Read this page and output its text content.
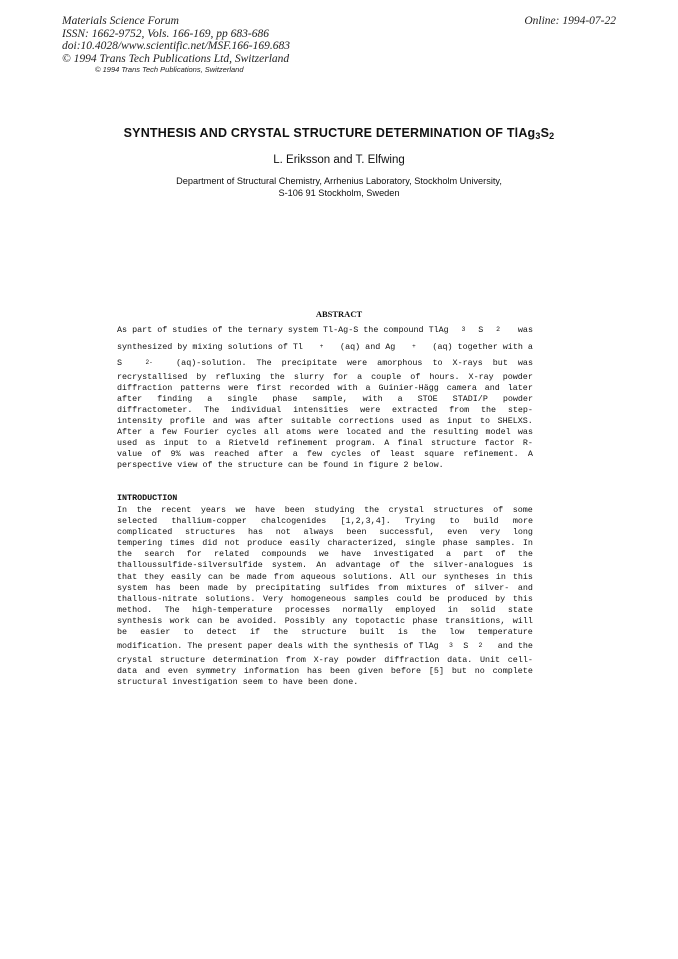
Materials Science Forum
ISSN: 1662-9752, Vols. 166-169, pp 683-686
doi:10.4028/www.scientific.net/MSF.166-169.683
© 1994 Trans Tech Publications Ltd, Switzerland
Online: 1994-07-22
© 1994 Trans Tech Publications, Switzerland
SYNTHESIS AND CRYSTAL STRUCTURE DETERMINATION OF $TlAg_3S_2$
L. Eriksson and T. Elfwing
Department of Structural Chemistry, Arrhenius Laboratory, Stockholm University,
S-106 91 Stockholm, Sweden
ABSTRACT
As part of studies of the ternary system Tl-Ag-S the compound TlAg 3 S 2 was
synthesized by mixing solutions of Tl	+ (aq) and Ag	+ (aq) together with a
S	2-	(aq)-solution.  The  precipitate  were  amorphous  to  X-rays  but  was
recrystallised by refluxing the slurry for a couple of hours. X-ray powder
diffraction patterns were first recorded with a Guinier-Hägg camera and later
after finding a single phase sample, with a STOE STADI/P powder
diffractometer. The individual intensities were extracted from the step-
intensity profile and was after suitable corrections used as input to SHELXS.
After a few Fourier cycles all atoms were located and the resulting model was
used as input to a Rietveld refinement program. A final structure factor R-
value of 9% was reached after a few cycles of least square refinement. A
perspective view of the structure can be found in figure 2 below.
INTRODUCTION
In the recent years we have been studying the crystal structures of some
selected thallium-copper chalcogenides [1,2,3,4]. Trying to build more
complicated structures has not always been successful, even very long
tempering times did not produce easily characterized, single phase samples. In
the search for related compounds we have investigated a part of the
thalloussulfide-silversulfide system. An advantage of the silver-analogues is
that they easily can be made from aqueous solutions. All our syntheses in this
system has been made by precipitating sulfides from mixtures of silver- and
thallous-nitrate solutions. Very homogeneous samples could be produced by this
method. The high-temperature processes normally employed in solid state
synthesis work can be avoided. Possibly any topotactic phase transitions, will
be easier to detect if the structure built is the low temperature
modification. The present paper deals with the synthesis of TlAg 3 S 2 and the
crystal structure determination from X-ray powder diffraction data. Unit cell-
data and even symmetry information has been given before [5] but no complete
structural investigation seem to have been done.
